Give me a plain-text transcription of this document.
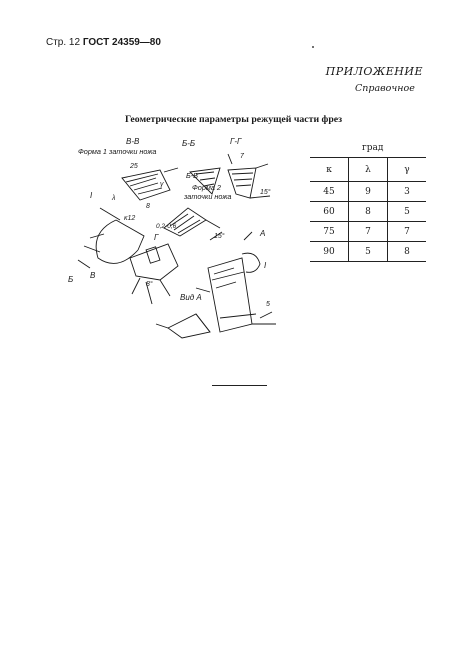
Стр. 12 ГОСТ 24359—80
ПРИЛОЖЕНИЕ
Справочное
Геометрические параметры режущей части фрез
град
κ	λ	γ
45	9	3
60	8	5
75	7	7
90	5	8
В-В
Форма 1 заточки ножа
Б-Б	Г-Г
Б-В
Форма 2
заточки ножа
Вид А
А
I
I
Г
Б В
15°
15°
8
7
κ12
λ
γ
0,2-0,6
8°
5
25
